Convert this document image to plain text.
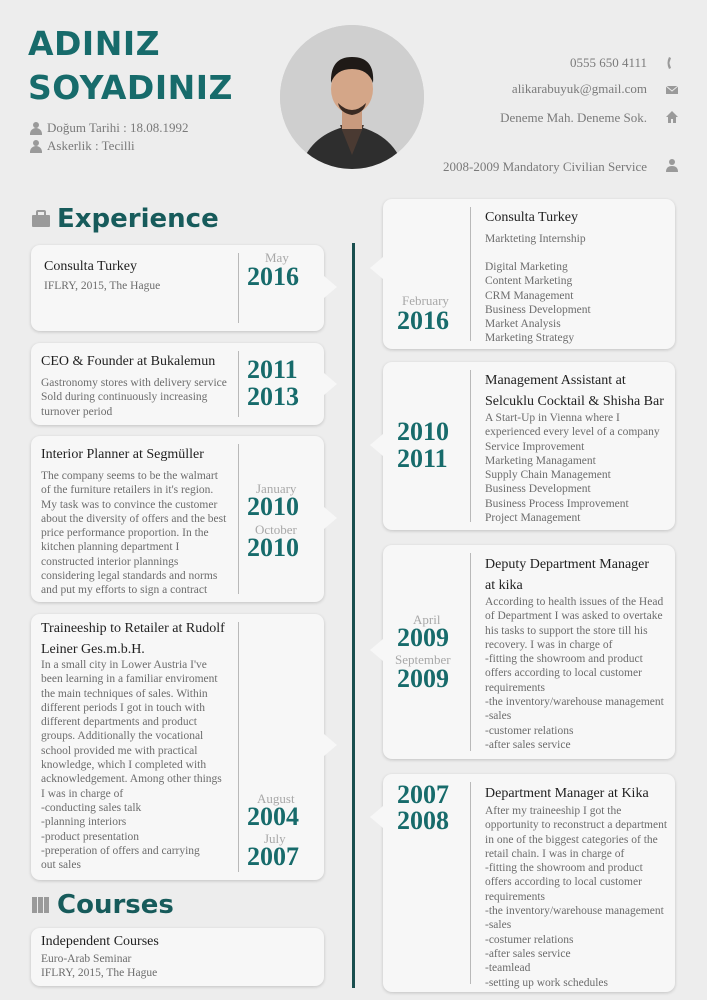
ADINIZ
SOYADINIZ
Doğum Tarihi : 18.08.1992
Askerlik : Tecilli
0555 650 4111
alikarabuyuk@gmail.com
Deneme Mah. Deneme Sok.
2008-2009 Mandatory Civilian Service
Experience
Courses
Consulta Turkey
IFLRY, 2015, The Hague
May
2016
CEO & Founder at Bukalemun
Gastronomy stores with delivery service
Sold during continuously increasing
turnover period
2011
2013
Interior Planner at Segmüller
The company seems to be the walmart
of the furniture retailers in it's region.
My task was to convince the customer
about the diversity of offers and the best
price performance proportion. In the
kitchen planning department I
constructed interior plannings
considering legal standards and norms
and put my efforts to sign a contract
January
2010
October
2010
Traineeship to Retailer at Rudolf
Leiner Ges.m.b.H.
In a small city in Lower Austria I've
been learning in a familiar enviroment
the main techniques of sales. Within
different periods I got in touch with
different departments and product
groups. Additionally the vocational
school provided me with practical
knowledge, which I completed with
acknowledgement. Among other things
I was in charge of
-conducting sales talk
-planning interiors
-product presentation
-preperation of offers and carrying
out sales
August
2004
July
2007
Independent Courses
Euro-Arab Seminar
IFLRY, 2015, The Hague
February
2016
Consulta Turkey
Markteting Internship
Digital Marketing
Content Marketing
CRM Management
Business Development
Market Analysis
Marketing Strategy
2010
2011
Management Assistant at
Selcuklu Cocktail & Shisha Bar
A Start-Up in Vienna where I
experienced every level of a company
Service Improvement
Marketing Managament
Supply Chain Management
Business Development
Business Process Improvement
Project Management
April
2009
September
2009
Deputy Department Manager
at kika
According to health issues of the Head
of Department I was asked to overtake
his tasks to support the store till his
recovery. I was in charge of
-fitting the showroom and product
offers according to local customer
requirements
-the inventory/warehouse management
-sales
-customer relations
-after sales service
2007
2008
Department Manager at Kika
After my traineeship I got the
opportunity to reconstruct a department
in one of the biggest categories of the
retail chain. I was in charge of
-fitting the showroom and product
offers according to local customer
requirements
-the inventory/warehouse management
-sales
-costumer relations
-after sales service
-teamlead
-setting up work schedules
